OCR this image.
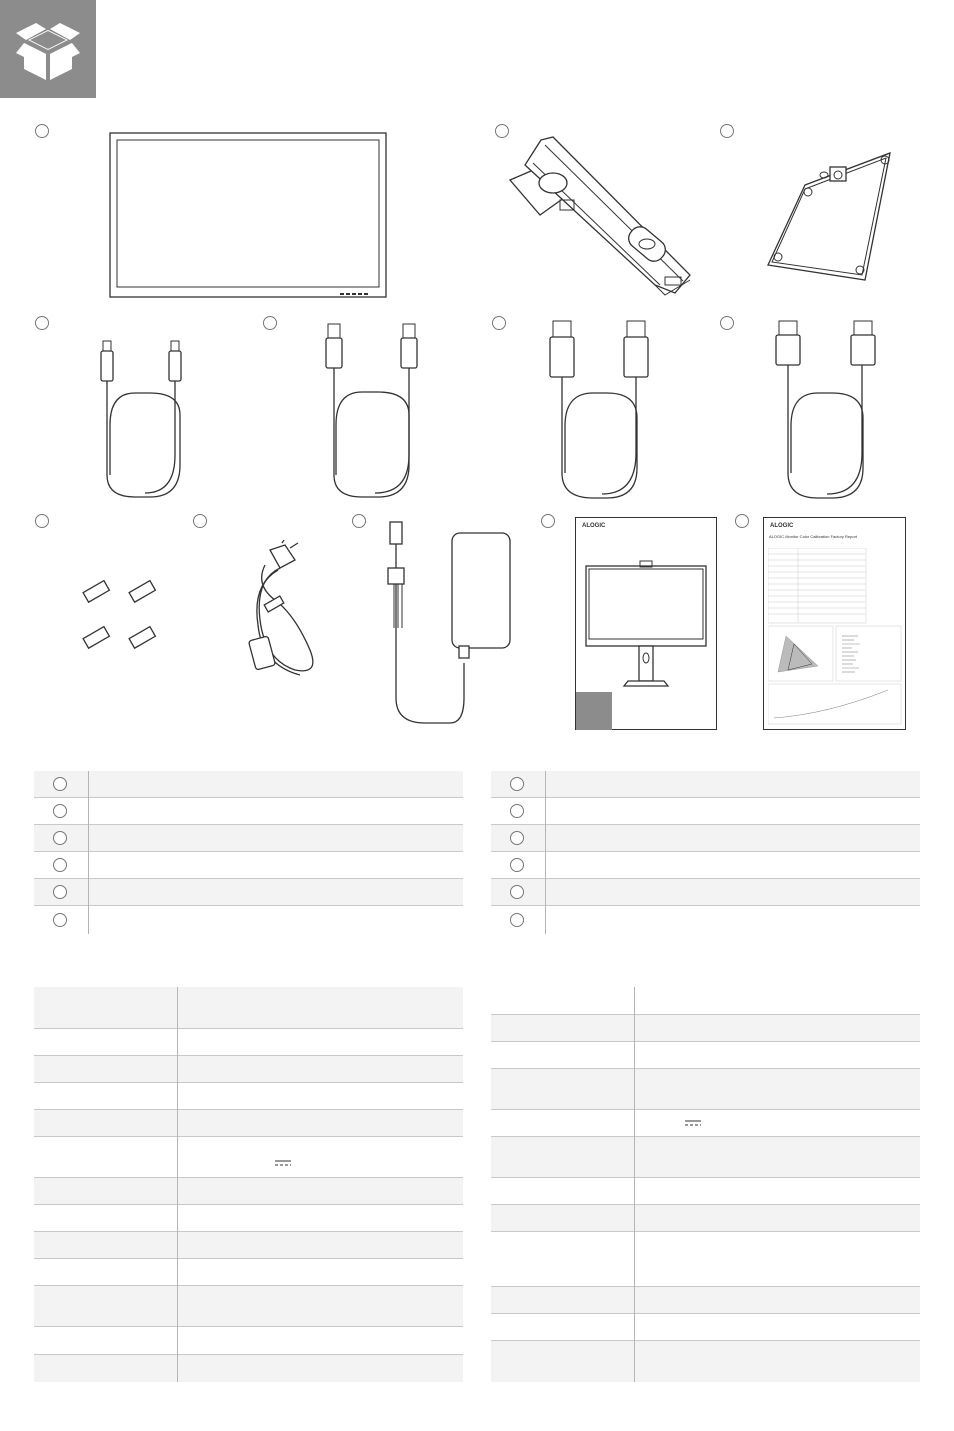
ALOGIC	ALOGIC
ALOGIC Monitor Color Calibration Factory Report
